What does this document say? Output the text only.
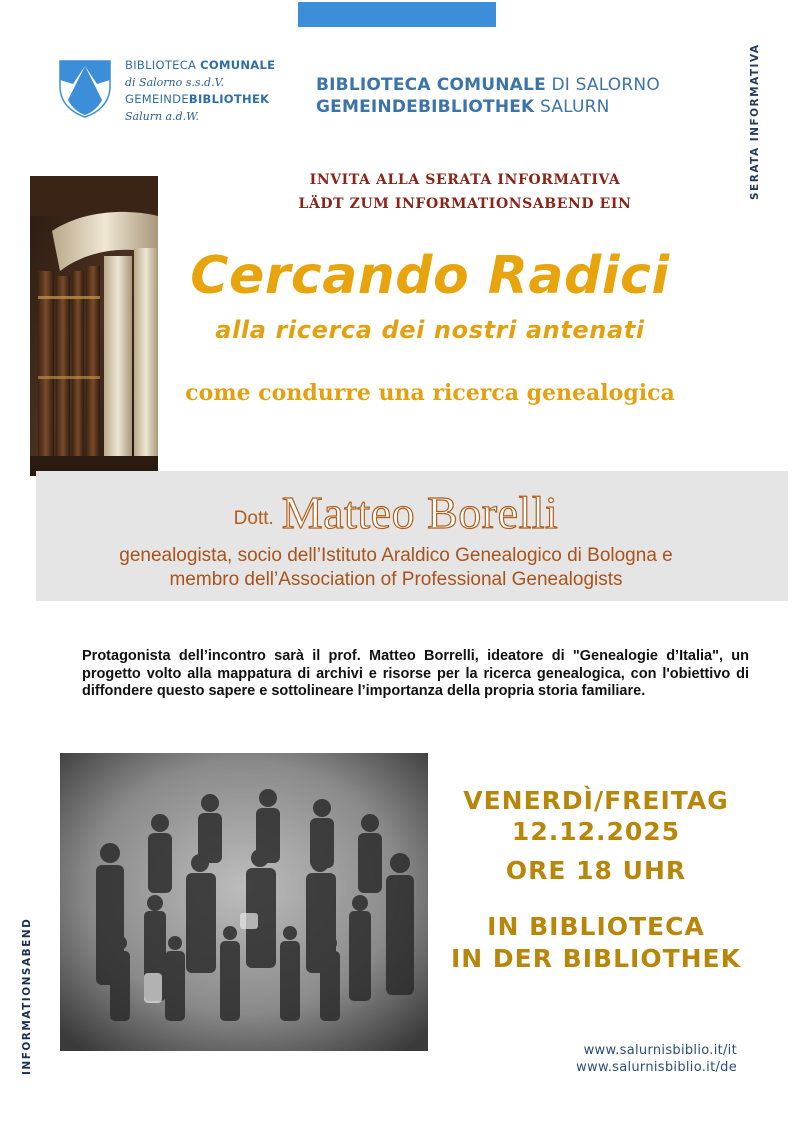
BIBLIOTECA COMUNALE
di Salorno s.s.d.V.
GEMEINDEBIBLIOTHEK
Salurn a.d.W.
BIBLIOTECA COMUNALE DI SALORNO
GEMEINDEBIBLIOTHEK SALURN	SERATA INFORMATIVA
INVITA ALLA SERATA INFORMATIVA
LÄDT ZUM INFORMATIONSABEND EIN
Cercando Radici
alla ricerca dei nostri antenati
come condurre una ricerca genealogica
Dott. Matteo Borelli
genealogista, socio dell’Istituto Araldico Genealogico di Bologna e
membro dell’Association of Professional Genealogists
Protagonista dell’incontro sarà il prof. Matteo Borrelli, ideatore di "Genealogie d’Italia", un progetto volto alla mappatura di archivi e risorse per la ricerca genealogica, con l'obiettivo di diffondere questo sapere e sottolineare l’importanza della propria storia familiare.
VENERDÌ/FREITAG
12.12.2025
ORE 18 UHR
IN BIBLIOTECA
IN DER BIBLIOTHEK
INFORMATIONSABEND	www.salurnisbiblio.it/it
www.salurnisbiblio.it/de
